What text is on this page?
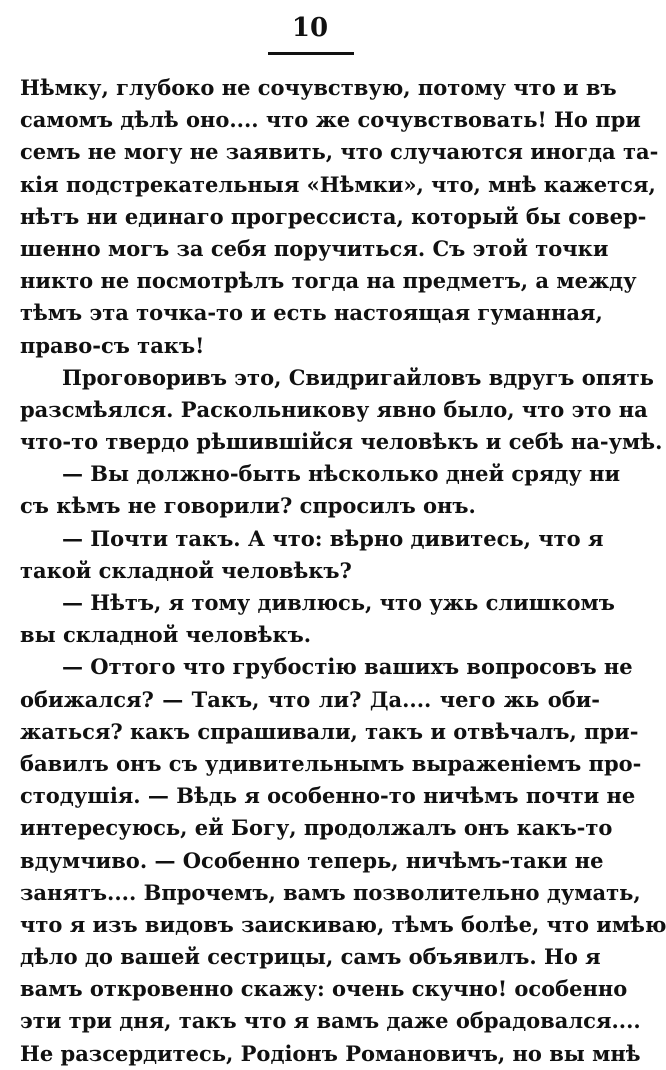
10
Нѣмку, глубоко не сочувствую, потому что и въ
самомъ дѣлѣ оно.... что же сочувствовать! Но при
семъ не могу не заявить, что случаются иногда та-
кія подстрекательныя «Нѣмки», что, мнѣ кажется,
нѣтъ ни единаго прогрессиста, который бы совер-
шенно могъ за себя поручиться. Съ этой точки
никто не посмотрѣлъ тогда на предметъ, а между
тѣмъ эта точка-то и есть настоящая гуманная,
право-съ такъ!
Проговоривъ это, Свидригайловъ вдругъ опять
разсмѣялся. Раскольникову явно было, что это на
что-то твердо рѣшившійся человѣкъ и себѣ на-умѣ.
— Вы должно-быть нѣсколько дней сряду ни
съ кѣмъ не говорили? спросилъ онъ.
— Почти такъ. А что: вѣрно дивитесь, что я
такой складной человѣкъ?
— Нѣтъ, я тому дивлюсь, что ужь слишкомъ
вы складной человѣкъ.
— Оттого что грубостію вашихъ вопросовъ не
обижался? — Такъ, что ли? Да.... чего жь оби-
жаться? какъ спрашивали, такъ и отвѣчалъ, при-
бавилъ онъ съ удивительнымъ выраженіемъ про-
стодушія. — Вѣдь я особенно-то ничѣмъ почти не
интересуюсь, ей Богу, продолжалъ онъ какъ-то
вдумчиво. — Особенно теперь, ничѣмъ-таки не
занятъ.... Впрочемъ, вамъ позволительно думать,
что я изъ видовъ заискиваю, тѣмъ болѣе, что имѣю
дѣло до вашей сестрицы, самъ объявилъ. Но я
вамъ откровенно скажу: очень скучно! особенно
эти три дня, такъ что я вамъ даже обрадовался....
Не разсердитесь, Родіонъ Романовичъ, но вы мнѣ
